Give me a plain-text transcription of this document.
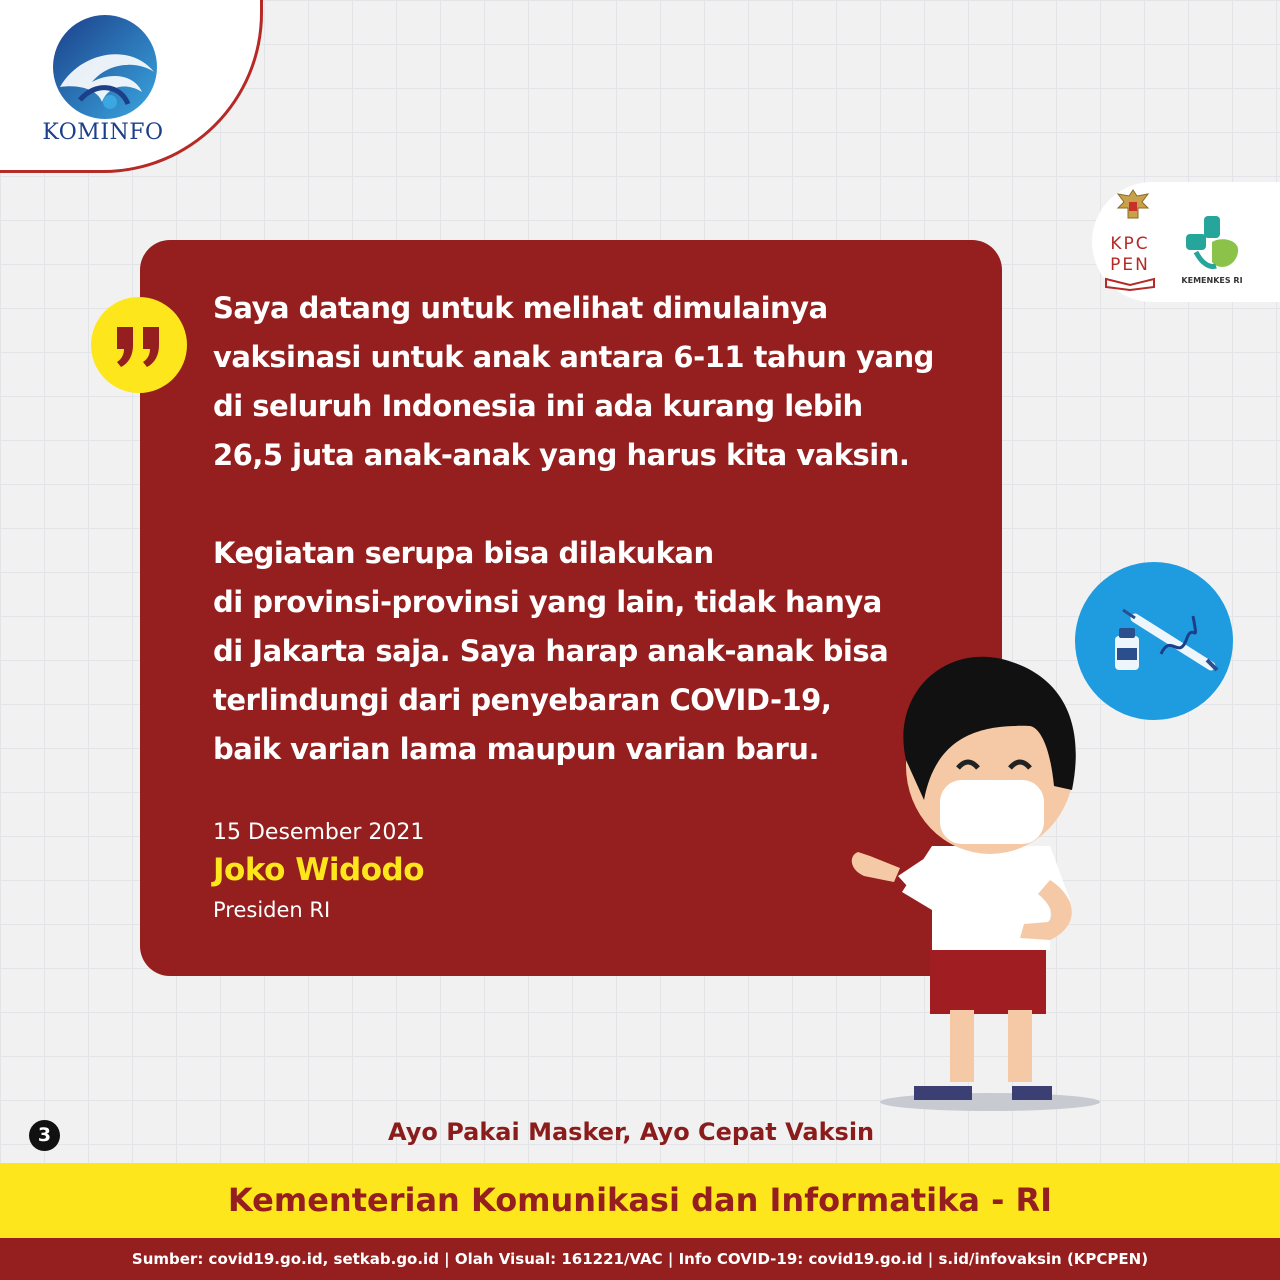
KOMINFO
KPC
PEN
KEMENKES RI
Saya datang untuk melihat dimulainya
vaksinasi untuk anak antara 6-11 tahun yang
di seluruh Indonesia ini ada kurang lebih
26,5 juta anak-anak yang harus kita vaksin.
Kegiatan serupa bisa dilakukan
di provinsi-provinsi yang lain, tidak hanya
di Jakarta saja. Saya harap anak-anak bisa
terlindungi dari penyebaran COVID-19,
baik varian lama maupun varian baru.
15 Desember 2021
Joko Widodo
Presiden RI
3	Ayo Pakai Masker, Ayo Cepat Vaksin
Kementerian Komunikasi dan Informatika - RI
Sumber: covid19.go.id, setkab.go.id | Olah Visual: 161221/VAC | Info COVID-19: covid19.go.id | s.id/infovaksin (KPCPEN)
